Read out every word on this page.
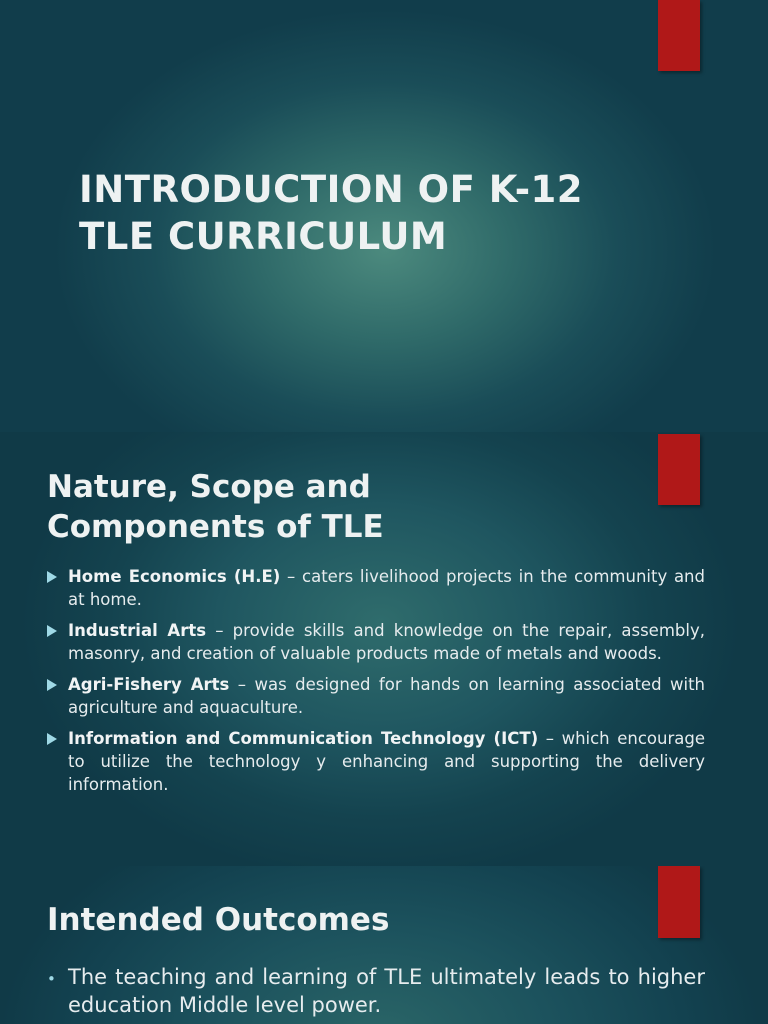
INTRODUCTION OF K-12
TLE CURRICULUM
Nature, Scope and
Components of TLE
Home Economics (H.E) – caters livelihood projects in the community and at home.
Industrial Arts – provide skills and knowledge on the repair, assembly, masonry, and creation of valuable products made of metals and woods.
Agri-Fishery Arts – was designed for hands on learning associated with agriculture and aquaculture.
Information and Communication Technology (ICT) – which encourage to utilize the technology y enhancing and supporting the delivery information.
Intended Outcomes
• The teaching and learning of TLE ultimately leads to higher education Middle level power.
